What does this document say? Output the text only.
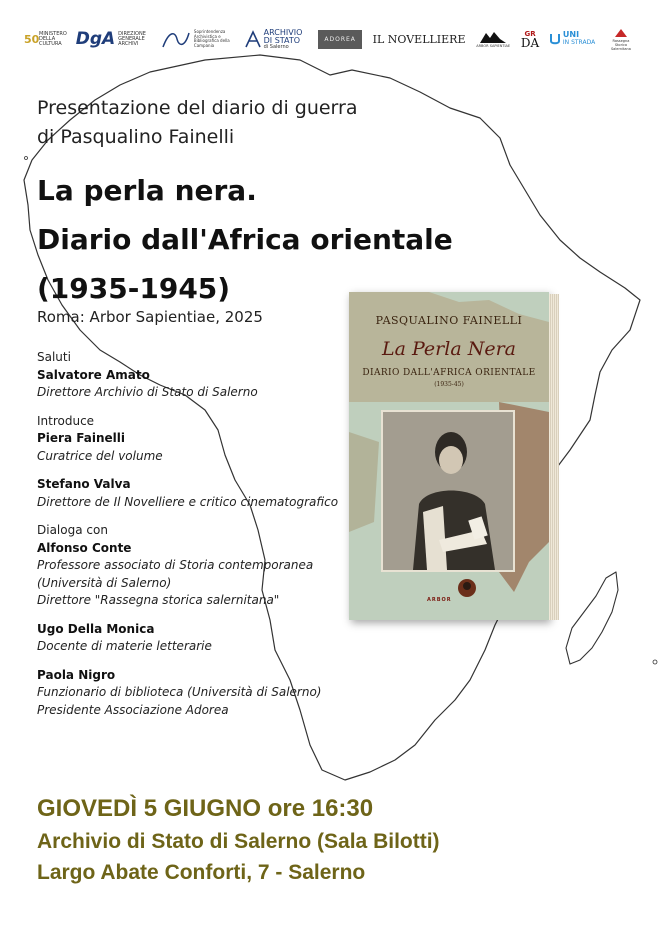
50 MINISTERO DELLA CULTURA DgA DIREZIONE GENERALE ARCHIVI
Soprintendenza Archivistica e Bibliografica della Campania
ARCHIVIO DI STATO
di Salerno
ADOREA	IL NOVELLIERE
ARBOR SAPIENTIAE
GR
DA
UNI
IN STRADA	Rassegna Storica Salernitana
Presentazione del diario di guerra
di Pasqualino Fainelli
La perla nera.
Diario dall'Africa orientale
(1935-1945)
Roma: Arbor Sapientiae, 2025
Saluti
Salvatore Amato
Direttore Archivio di Stato di Salerno
Introduce
Piera Fainelli
Curatrice del volume
Stefano Valva
Direttore de Il Novelliere e critico cinematografico
Dialoga con
Alfonso Conte
Professore associato di Storia contemporanea
(Università di Salerno)
Direttore "Rassegna storica salernitana"
Ugo Della Monica
Docente di materie letterarie
Paola Nigro
Funzionario di biblioteca (Università di Salerno)
Presidente Associazione Adorea
GIOVEDÌ 5 GIUGNO ore 16:30
Archivio di Stato di Salerno (Sala Bilotti)
Largo Abate Conforti, 7 - Salerno
PASQUALINO FAINELLI
La Perla Nera
DIARIO DALL'AFRICA ORIENTALE
(1935-45)
ARBOR
